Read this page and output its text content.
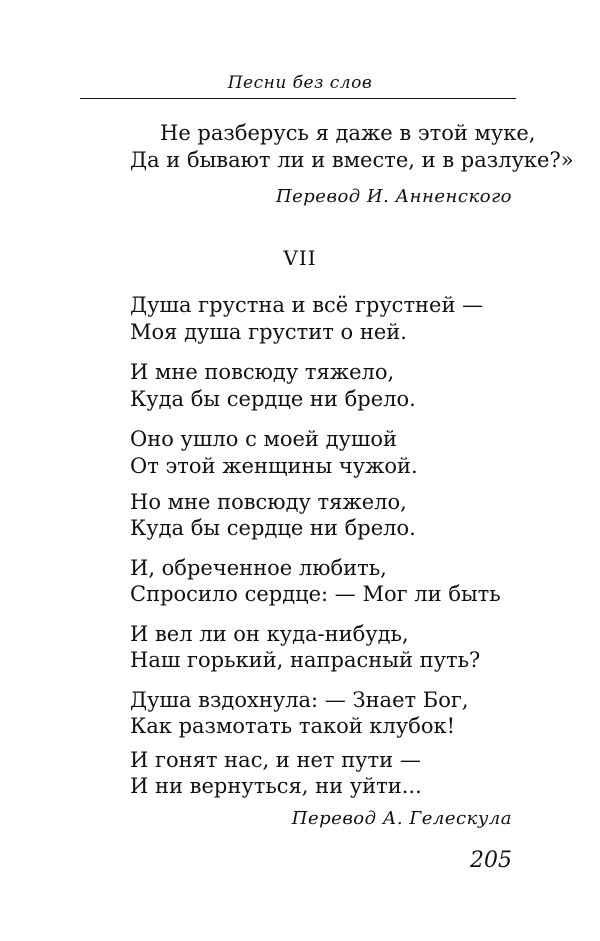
Песни без слов
Не разберусь я даже в этой муке,
Да и бывают ли и вместе, и в разлуке?»
Перевод И. Анненского
VII
Душа грустна и всё грустней —
Моя душа грустит о ней.
И мне повсюду тяжело,
Куда бы сердце ни брело.
Оно ушло с моей душой
От этой женщины чужой.
Но мне повсюду тяжело,
Куда бы сердце ни брело.
И, обреченное любить,
Спросило сердце: — Мог ли быть
И вел ли он куда-нибудь,
Наш горький, напрасный путь?
Душа вздохнула: — Знает Бог,
Как размотать такой клубок!
И гонят нас, и нет пути —
И ни вернуться, ни уйти...
Перевод А. Гелескула
205
